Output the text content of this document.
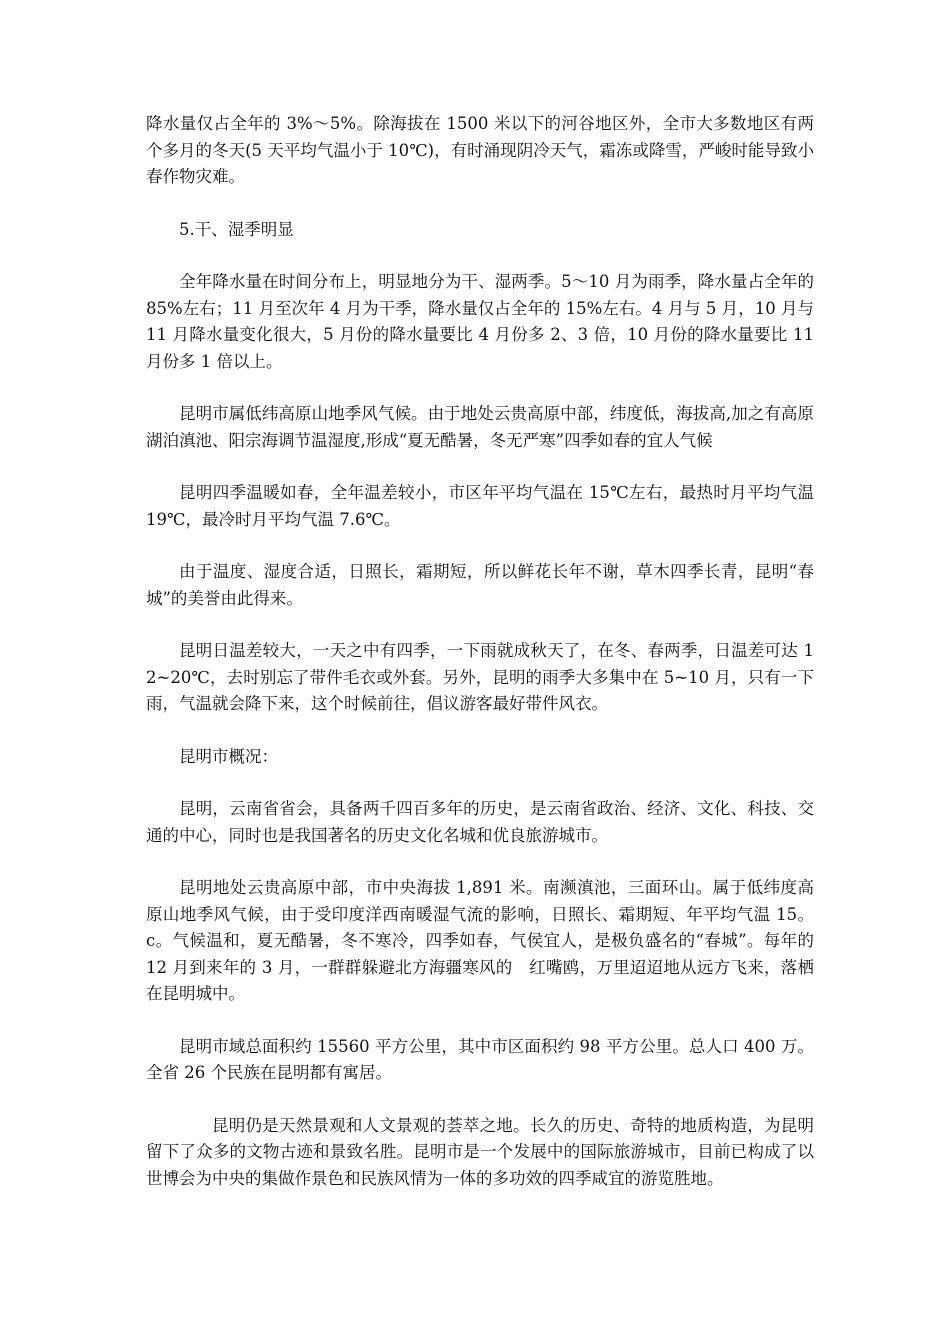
降水量仅占全年的 3%～5%。除海拔在 1500 米以下的河谷地区外，全市大多数地区有两个多月的冬天(5 天平均气温小于 10℃)，有时涌现阴冷天气，霜冻或降雪，严峻时能导致小春作物灾难。

5.干、湿季明显

全年降水量在时间分布上，明显地分为干、湿两季。5～10 月为雨季，降水量占全年的 85%左右；11 月至次年 4 月为干季，降水量仅占全年的 15%左右。4 月与 5 月，10 月与 11 月降水量变化很大，5 月份的降水量要比 4 月份多 2、3 倍，10 月份的降水量要比 11 月份多 1 倍以上。

昆明市属低纬高原山地季风气候。由于地处云贵高原中部，纬度低，海拔高,加之有高原湖泊滇池、阳宗海调节温湿度,形成“夏无酷暑，冬无严寒”四季如春的宜人气候

昆明四季温暖如春，全年温差较小，市区年平均气温在 15℃左右，最热时月平均气温 19℃，最冷时月平均气温 7.6℃。

由于温度、湿度合适，日照长，霜期短，所以鲜花长年不谢，草木四季长青，昆明“春城”的美誉由此得来。

昆明日温差较大，一天之中有四季，一下雨就成秋天了，在冬、春两季，日温差可达 12~20℃，去时别忘了带件毛衣或外套。另外，昆明的雨季大多集中在 5~10 月，只有一下雨，气温就会降下来，这个时候前往，倡议游客最好带件风衣。

昆明市概况：

昆明，云南省省会，具备两千四百多年的历史，是云南省政治、经济、文化、科技、交通的中心，同时也是我国著名的历史文化名城和优良旅游城市。

昆明地处云贵高原中部，市中央海拔 1,891 米。南濒滇池，三面环山。属于低纬度高原山地季风气候，由于受印度洋西南暖湿气流的影响，日照长、霜期短、年平均气温 15。c。气候温和，夏无酷暑，冬不寒冷，四季如春，气侯宜人，是极负盛名的“春城”。每年的 12 月到来年的 3 月，一群群躲避北方海疆寒风的　红嘴鸥，万里迢迢地从远方飞来，落栖在昆明城中。

昆明市域总面积约 15560 平方公里，其中市区面积约 98 平方公里。总人口 400 万。全省 26 个民族在昆明都有寓居。

昆明仍是天然景观和人文景观的荟萃之地。长久的历史、奇特的地质构造，为昆明留下了众多的文物古迹和景致名胜。昆明市是一个发展中的国际旅游城市，目前已构成了以世博会为中央的集做作景色和民族风情为一体的多功效的四季咸宜的游览胜地。
